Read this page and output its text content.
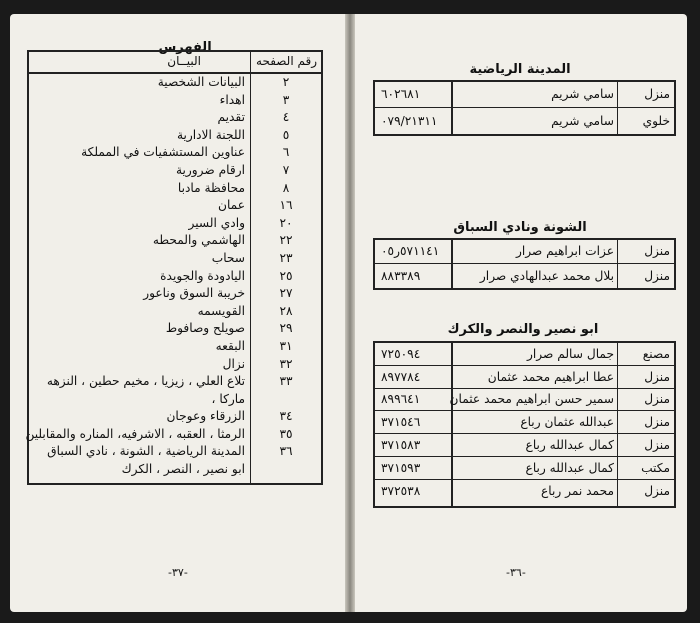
الفهرس
رقم الصفحه
البيــان
٢
البيانات الشخصية
٣
اهداء
٤
تقديم
٥
اللجنة الادارية
٦
عناوين المستشفيات في المملكة
٧
ارقام ضرورية
٨
محافظة مادبا
١٦
عمان
٢٠
وادي السير
٢٢
الهاشمي والمحطه
٢٣
سحاب
٢٥
اليادودة والجويدة
٢٧
خريبة السوق وناعور
٢٨
القويسمه
٢٩
صويلح وصافوط
٣١
البقعه
٣٢
نزال
٣٣
تلاع العلي ، زيزيا ، مخيم حطين ، النزهه
ماركا ،
٣٤
الزرقاء وعوجان
٣٥
الرمثا ، العقبه ، الاشرفيه، المناره والمقابلين
٣٦
المدينة الرياضية ، الشونة ، نادي السباق
ابو نصير ، النصر ، الكرك
-٣٧-
المدينة الرياضية
منزل
سامي شريم
٦٠٢٦٨١
خلوي
سامي شريم
٠٧٩/٢١٣١١
الشونة ونادي السباق
منزل
عزات ابراهيم صرار
٥٧١١٤١ر٠٥
منزل
بلال محمد عبدالهادي صرار
٨٨٣٣٨٩
ابو نصير والنصر والكرك
مصنع
جمال سالم صرار
٧٢٥٠٩٤
منزل
عطا ابراهيم محمد عثمان
٨٩٧٧٨٤
منزل
سمير حسن ابراهيم محمد عثمان
٨٩٩٦٤١
منزل
عبدالله عثمان رباع
٣٧١٥٤٦
منزل
كمال عبدالله رباع
٣٧١٥٨٣
مكتب
كمال عبدالله رباع
٣٧١٥٩٣
منزل
محمد نمر رباع
٣٧٢٥٣٨
-٣٦-
